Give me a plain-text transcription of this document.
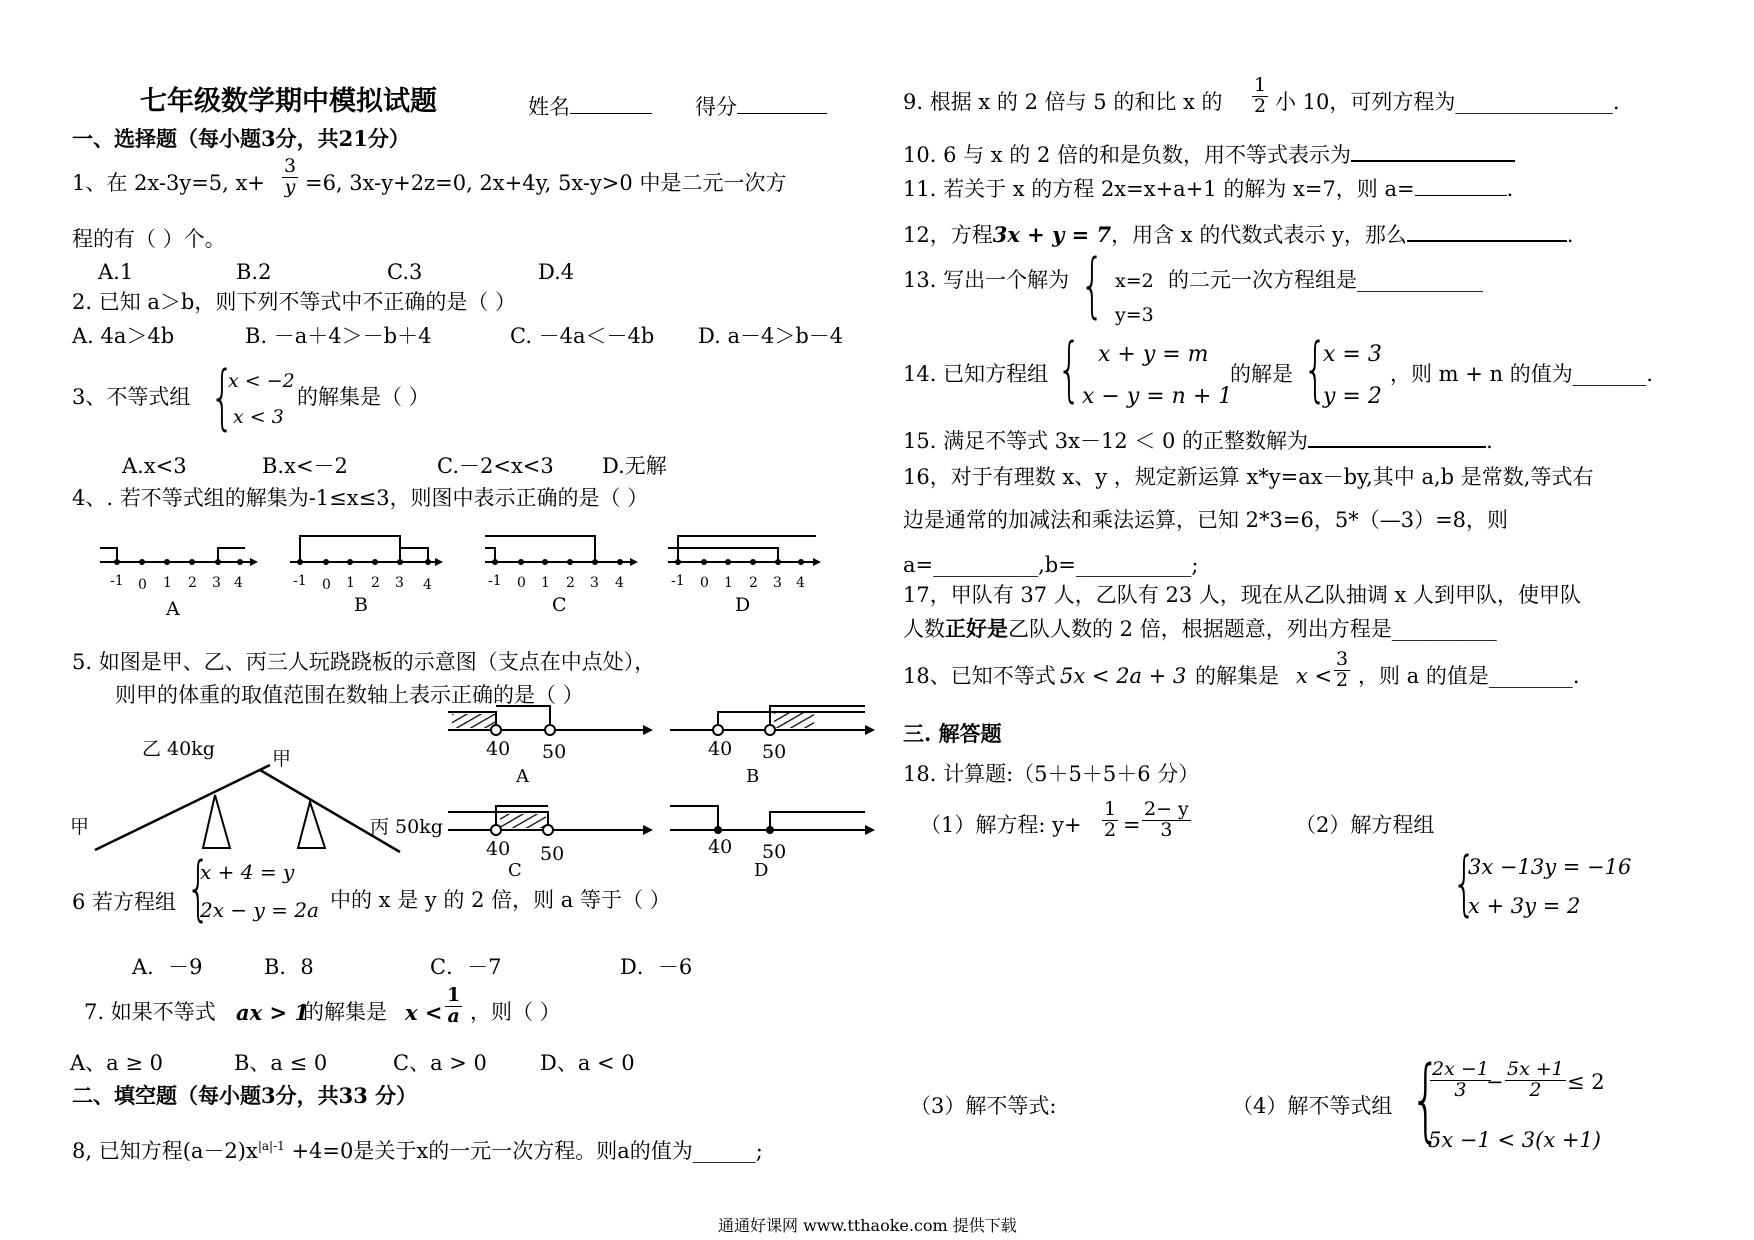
七年级数学期中模拟试题	姓名	得分
一、选择题（每小题3分，共21分）
1、在 2x-3y=5, $x+ \frac{3}{y} =6$, 3x-y+2z=0, 2x+4y, 5x-y>0 中是二元一次方
程的有（ ）个。
A.1	B.2	C.3	D.4
2. 已知 a＞b，则下列不等式中不正确的是（ ）
A. 4a＞4b	B. －a＋4＞－b＋4	C. －4a＜－4b D. a－4＞b－4
3、不等式组 {
x < −2
x < 3
的解集是（ ）
A.x<3	B.x<－2	C.－2<x<3 D.无解
4、. 若不等式组的解集为-1≤x≤3，则图中表示正确的是（ ）
-1 0 1 2 3 4
A
-1 0 1 2 3 4
B
-1 0 1 2 3 4
C
-1 0 1 2 3 4
D
5. 如图是甲、乙、丙三人玩跷跷板的示意图（支点在中点处），
则甲的体重的取值范围在数轴上表示正确的是（ ）
乙 40kg	甲
甲	丙 50kg
40 50
A
40 50
B
40 50
C
40 50
D
6 若方程组 {
x + 4 = y
2x − y = 2a 中的 x 是 y 的 2 倍，则 a 等于（ ）
A．－9	B．8	C．－7	D．－6
7. 如果不等式 ax > 1
的解集是 $x < \frac{1}{a}$ ，则（ ）
A、a ≥ 0	B、a ≤ 0	C、a > 0	D、a < 0
二、填空题（每小题3分，共33 分）
8, 已知方程$(a-2)x^{|a|-1} +4=0$是关于x的一元一次方程。则a的值为______;
9. 根据 x 的 2 倍与 5 的和比 x 的 $\frac{1}{2}$ 小 10，可列方程为_______________.
10. 6 与 x 的 2 倍的和是负数，用不等式表示为
11. 若关于 x 的方程 2x=x+a+1 的解为 x=7，则 a=	.
12，方程3x + y = 7，用含 x 的代数式表示 y，那么	.
13. 写出一个解为 { x=2
y=3
的二元一次方程组是____________
14. 已知方程组 { x + y = m
x − y = n + 1
的解是 {
x = 3
y = 2
，则 m + n 的值为_______.
15. 满足不等式 3x－12 ＜ 0 的正整数解为	.
16，对于有理数 x、y ，规定新运算 x*y=ax－by,其中 a,b 是常数,等式右
边是通常的加减法和乘法运算，已知 2*3=6，5*（—3）=8，则
a=__________,b=___________;
17，甲队有 37 人，乙队有 23 人，现在从乙队抽调 x 人到甲队，使甲队
人数正好是乙队人数的 2 倍，根据题意，列出方程是__________
18、已知不等式 5x < 2a + 3 的解集是 $x < \frac{3}{2}$ ，则 a 的值是________.
三. 解答题
18. 计算题:（5＋5＋5＋6 分）
（1）解方程: $y+ \frac{1}{2} = \frac{2- y}{3}$	（2）解方程组
{
3x −13y = −16
x + 3y = 2
（3）解不等式:	（4）解不等式组 {
$\frac{2x -1}{3}$
− $\frac{5x +1}{2} \le 2$
5x −1 < 3(x +1)
通通好课网 www.tthaoke.com 提供下载
